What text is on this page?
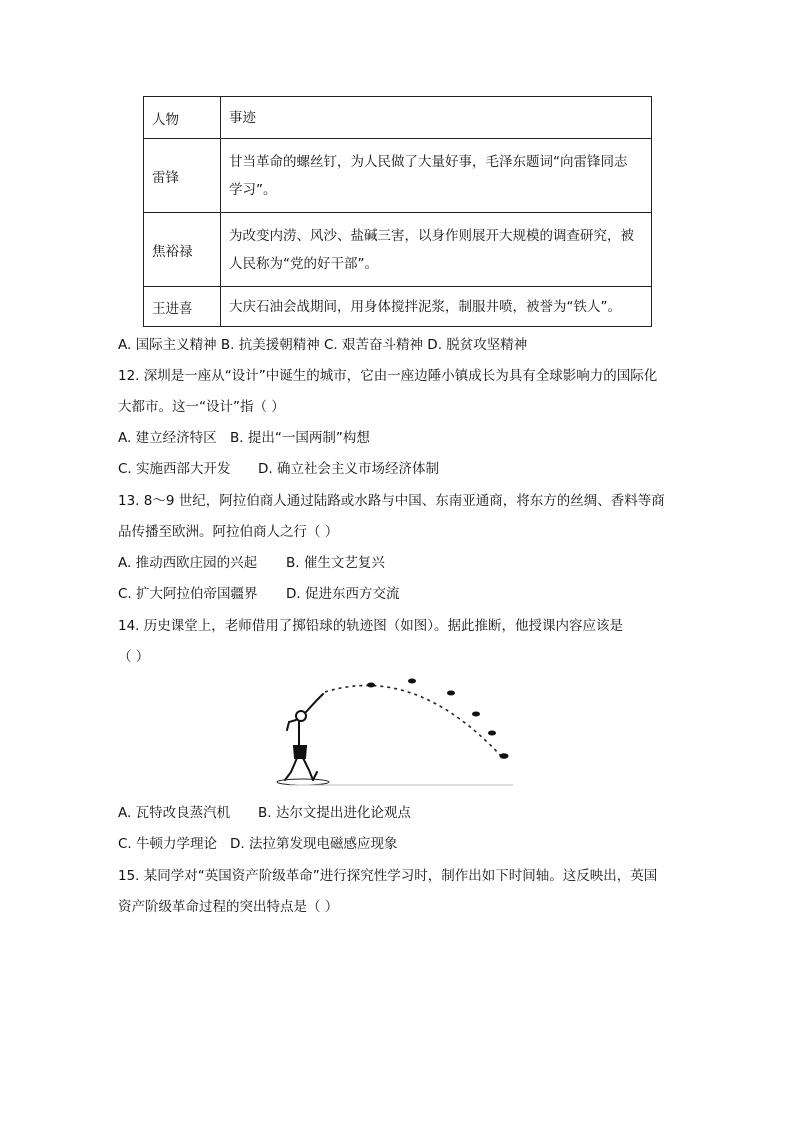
人物	事迹
雷锋	甘当革命的螺丝钉，为人民做了大量好事，毛泽东题词“向雷锋同志
学习”。

焦裕禄	为改变内涝、风沙、盐碱三害，以身作则展开大规模的调查研究，被
人民称为“党的好干部”。

王进喜	大庆石油会战期间，用身体搅拌泥浆，制服井喷，被誉为“铁人”。
A. 国际主义精神 B. 抗美援朝精神 C. 艰苦奋斗精神 D. 脱贫攻坚精神
12. 深圳是一座从“设计”中诞生的城市，它由一座边陲小镇成长为具有全球影响力的国际化
大都市。这一“设计”指（ ）
A. 建立经济特区 B. 提出“一国两制”构想
C. 实施西部大开发 D. 确立社会主义市场经济体制
13. 8～9 世纪，阿拉伯商人通过陆路或水路与中国、东南亚通商，将东方的丝绸、香料等商
品传播至欧洲。阿拉伯商人之行（ ）
A. 推动西欧庄园的兴起 B. 催生文艺复兴
C. 扩大阿拉伯帝国疆界 D. 促进东西方交流
14. 历史课堂上，老师借用了掷铅球的轨迹图（如图）。据此推断，他授课内容应该是
（ ）
A. 瓦特改良蒸汽机 B. 达尔文提出进化论观点
C. 牛顿力学理论 D. 法拉第发现电磁感应现象
15. 某同学对“英国资产阶级革命”进行探究性学习时，制作出如下时间轴。这反映出，英国
资产阶级革命过程的突出特点是（ ）
